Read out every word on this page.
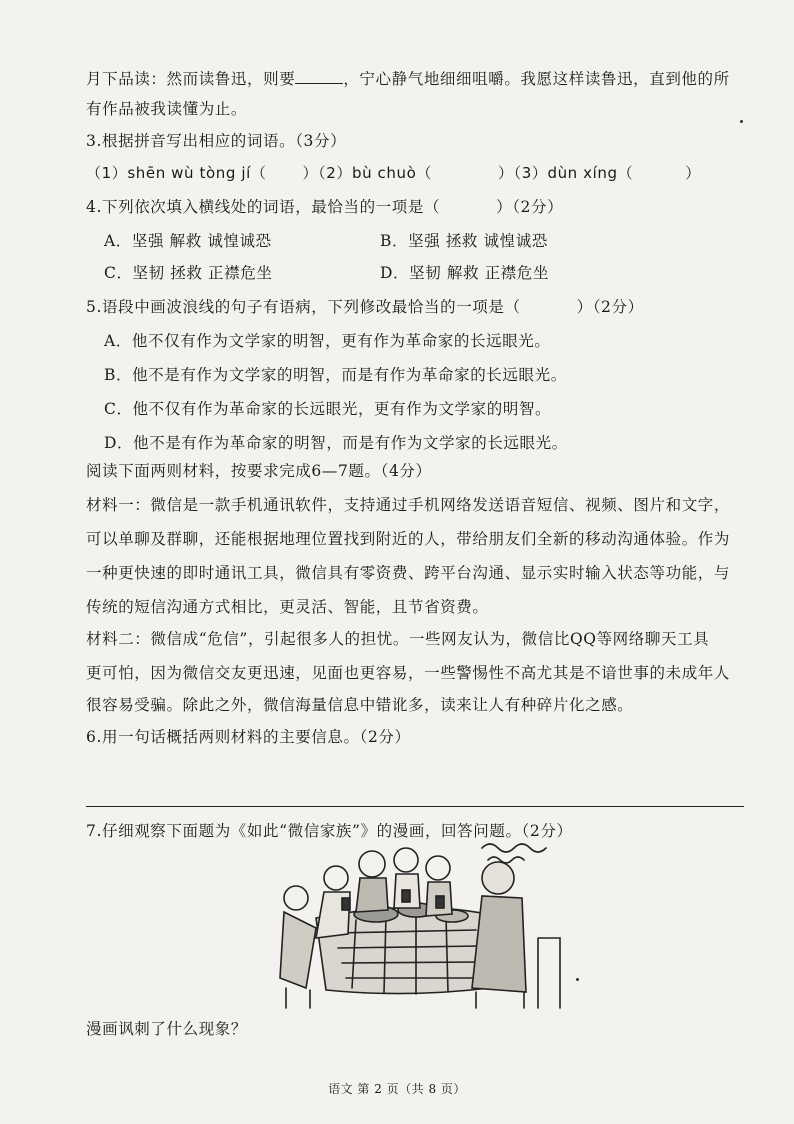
月下品读：然而读鲁迅，则要	，宁心静气地细细咀嚼。我愿这样读鲁迅，直到他的所
有作品被我读懂为止。
3.根据拼音写出相应的词语。（3分）
（1）shēn wù tòng jí（ ）（2）bù chuò（	）（3）dùn xíng（	）
4.下列依次填入横线处的词语，最恰当的一项是（	）（2分）
A．坚强 解救 诚惶诚恐	B．坚强 拯救 诚惶诚恐
C．坚韧 拯救 正襟危坐	D．坚韧 解救 正襟危坐
5.语段中画波浪线的句子有语病，下列修改最恰当的一项是（	）（2分）
A．他不仅有作为文学家的明智，更有作为革命家的长远眼光。
B．他不是有作为文学家的明智，而是有作为革命家的长远眼光。
C．他不仅有作为革命家的长远眼光，更有作为文学家的明智。
D．他不是有作为革命家的明智，而是有作为文学家的长远眼光。
阅读下面两则材料，按要求完成6—7题。（4分）
材料一：微信是一款手机通讯软件，支持通过手机网络发送语音短信、视频、图片和文字，
可以单聊及群聊，还能根据地理位置找到附近的人，带给朋友们全新的移动沟通体验。作为
一种更快速的即时通讯工具，微信具有零资费、跨平台沟通、显示实时输入状态等功能，与
传统的短信沟通方式相比，更灵活、智能，且节省资费。
材料二：微信成“危信”，引起很多人的担忧。一些网友认为，微信比QQ等网络聊天工具
更可怕，因为微信交友更迅速，见面也更容易，一些警惕性不高尤其是不谙世事的未成年人
很容易受骗。除此之外，微信海量信息中错讹多，读来让人有种碎片化之感。
6.用一句话概括两则材料的主要信息。（2分）
7.仔细观察下面题为《如此“微信家族”》的漫画，回答问题。（2分）
漫画讽刺了什么现象？
语文 第 2 页（共 8 页）
